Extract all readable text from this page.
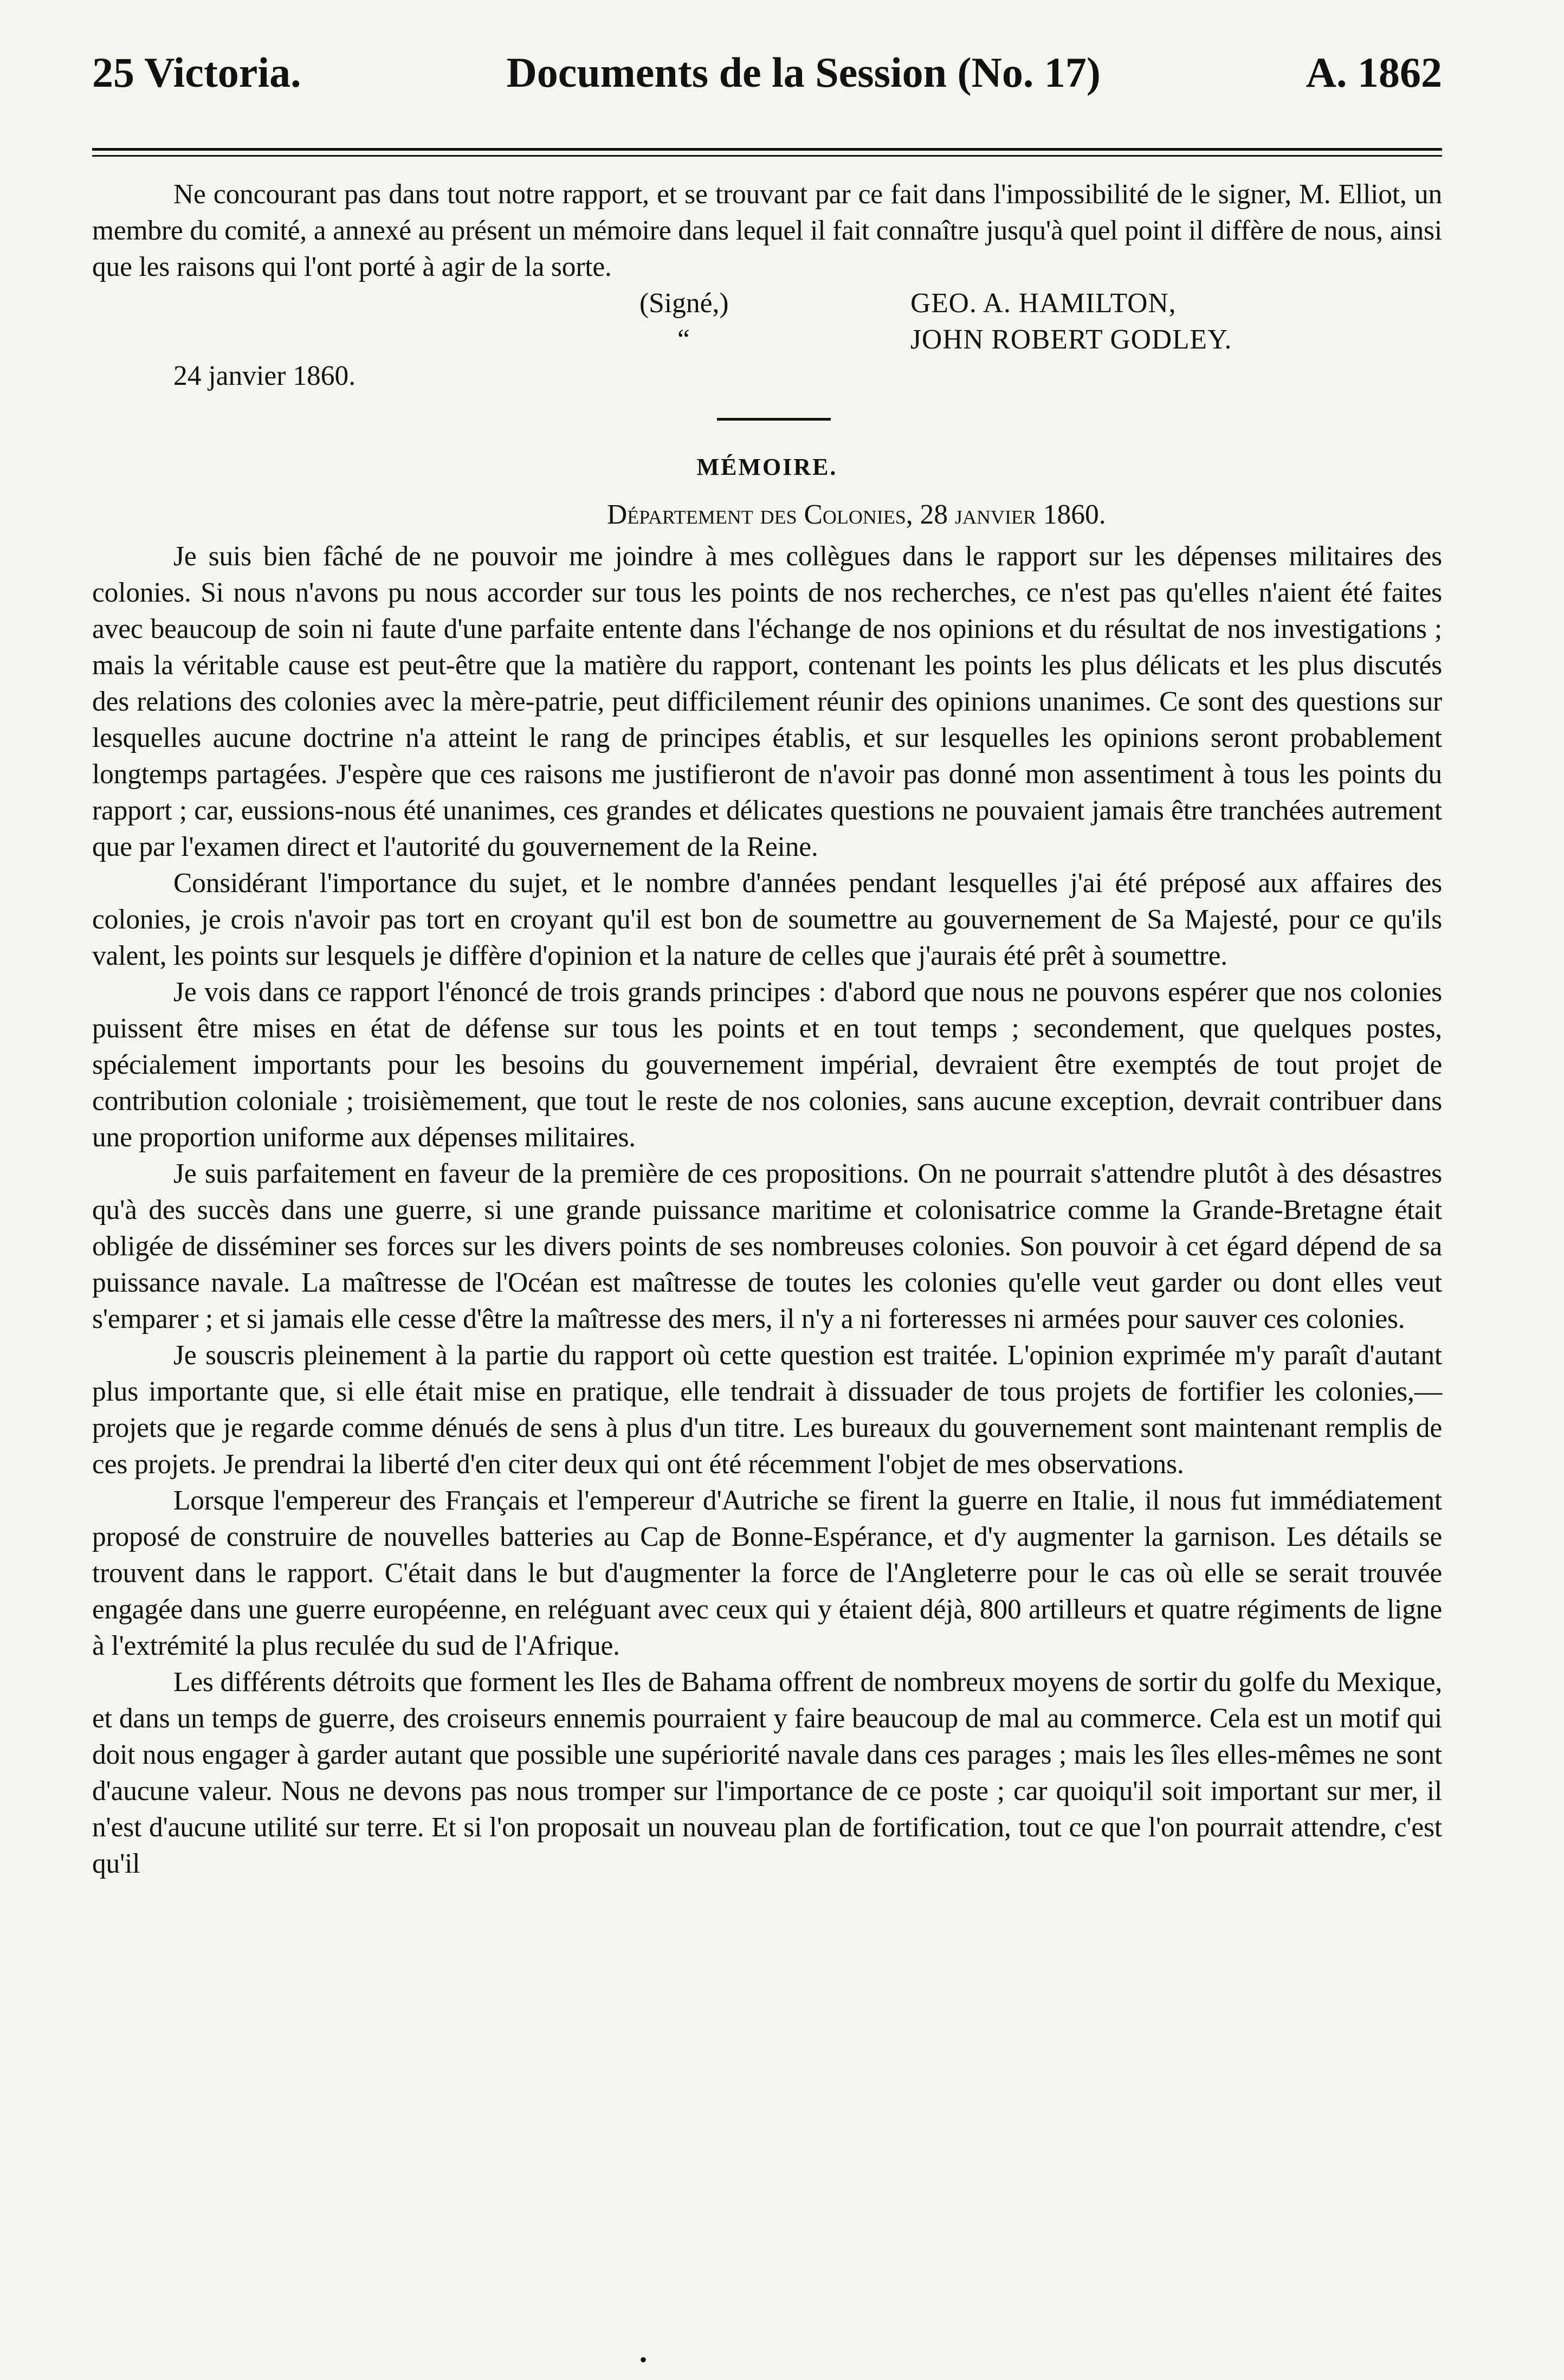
25 Victoria.	Documents de la Session (No. 17)	A. 1862

Ne concourant pas dans tout notre rapport, et se trouvant par ce fait dans l'impossibilité de le signer, M. Elliot, un membre du comité, a annexé au présent un mémoire dans lequel il fait connaître jusqu'à quel point il diffère de nous, ainsi que les raisons qui l'ont porté à agir de la sorte.

(Signé,)
“
GEO. A. HAMILTON,
JOHN ROBERT GODLEY.
24 janvier 1860.
MÉMOIRE.
Département des Colonies, 28 janvier 1860.

Je suis bien fâché de ne pouvoir me joindre à mes collègues dans le rapport sur les dépenses militaires des colonies. Si nous n'avons pu nous accorder sur tous les points de nos recherches, ce n'est pas qu'elles n'aient été faites avec beaucoup de soin ni faute d'une parfaite entente dans l'échange de nos opinions et du résultat de nos investigations ; mais la véritable cause est peut-être que la matière du rapport, contenant les points les plus délicats et les plus discutés des relations des colonies avec la mère-patrie, peut difficilement réunir des opinions unanimes. Ce sont des questions sur lesquelles aucune doctrine n'a atteint le rang de principes établis, et sur lesquelles les opinions seront probablement longtemps partagées. J'espère que ces raisons me justifieront de n'avoir pas donné mon assentiment à tous les points du rapport ; car, eussions-nous été unanimes, ces grandes et délicates questions ne pouvaient jamais être tranchées autrement que par l'examen direct et l'autorité du gouvernement de la Reine.

Considérant l'importance du sujet, et le nombre d'années pendant lesquelles j'ai été préposé aux affaires des colonies, je crois n'avoir pas tort en croyant qu'il est bon de soumettre au gouvernement de Sa Majesté, pour ce qu'ils valent, les points sur lesquels je diffère d'opinion et la nature de celles que j'aurais été prêt à soumettre.

Je vois dans ce rapport l'énoncé de trois grands principes : d'abord que nous ne pouvons espérer que nos colonies puissent être mises en état de défense sur tous les points et en tout temps ; secondement, que quelques postes, spécialement importants pour les besoins du gouvernement impérial, devraient être exemptés de tout projet de contribution coloniale ; troisièmement, que tout le reste de nos colonies, sans aucune exception, devrait contribuer dans une proportion uniforme aux dépenses militaires.

Je suis parfaitement en faveur de la première de ces propositions. On ne pourrait s'attendre plutôt à des désastres qu'à des succès dans une guerre, si une grande puissance maritime et colonisatrice comme la Grande-Bretagne était obligée de disséminer ses forces sur les divers points de ses nombreuses colonies. Son pouvoir à cet égard dépend de sa puissance navale. La maîtresse de l'Océan est maîtresse de toutes les colonies qu'elle veut garder ou dont elles veut s'emparer ; et si jamais elle cesse d'être la maîtresse des mers, il n'y a ni forteresses ni armées pour sauver ces colonies.

Je souscris pleinement à la partie du rapport où cette question est traitée. L'opinion exprimée m'y paraît d'autant plus importante que, si elle était mise en pratique, elle tendrait à dissuader de tous projets de fortifier les colonies,—projets que je regarde comme dénués de sens à plus d'un titre. Les bureaux du gouvernement sont maintenant remplis de ces projets. Je prendrai la liberté d'en citer deux qui ont été récemment l'objet de mes observations.

Lorsque l'empereur des Français et l'empereur d'Autriche se firent la guerre en Italie, il nous fut immédiatement proposé de construire de nouvelles batteries au Cap de Bonne-Espérance, et d'y augmenter la garnison. Les détails se trouvent dans le rapport. C'était dans le but d'augmenter la force de l'Angleterre pour le cas où elle se serait trouvée engagée dans une guerre européenne, en reléguant avec ceux qui y étaient déjà, 800 artilleurs et quatre régiments de ligne à l'extrémité la plus reculée du sud de l'Afrique.

Les différents détroits que forment les Iles de Bahama offrent de nombreux moyens de sortir du golfe du Mexique, et dans un temps de guerre, des croiseurs ennemis pourraient y faire beaucoup de mal au commerce. Cela est un motif qui doit nous engager à garder autant que possible une supériorité navale dans ces parages ; mais les îles elles-mêmes ne sont d'aucune valeur. Nous ne devons pas nous tromper sur l'importance de ce poste ; car quoiqu'il soit important sur mer, il n'est d'aucune utilité sur terre. Et si l'on proposait un nouveau plan de fortification, tout ce que l'on pourrait attendre, c'est qu'il

•
